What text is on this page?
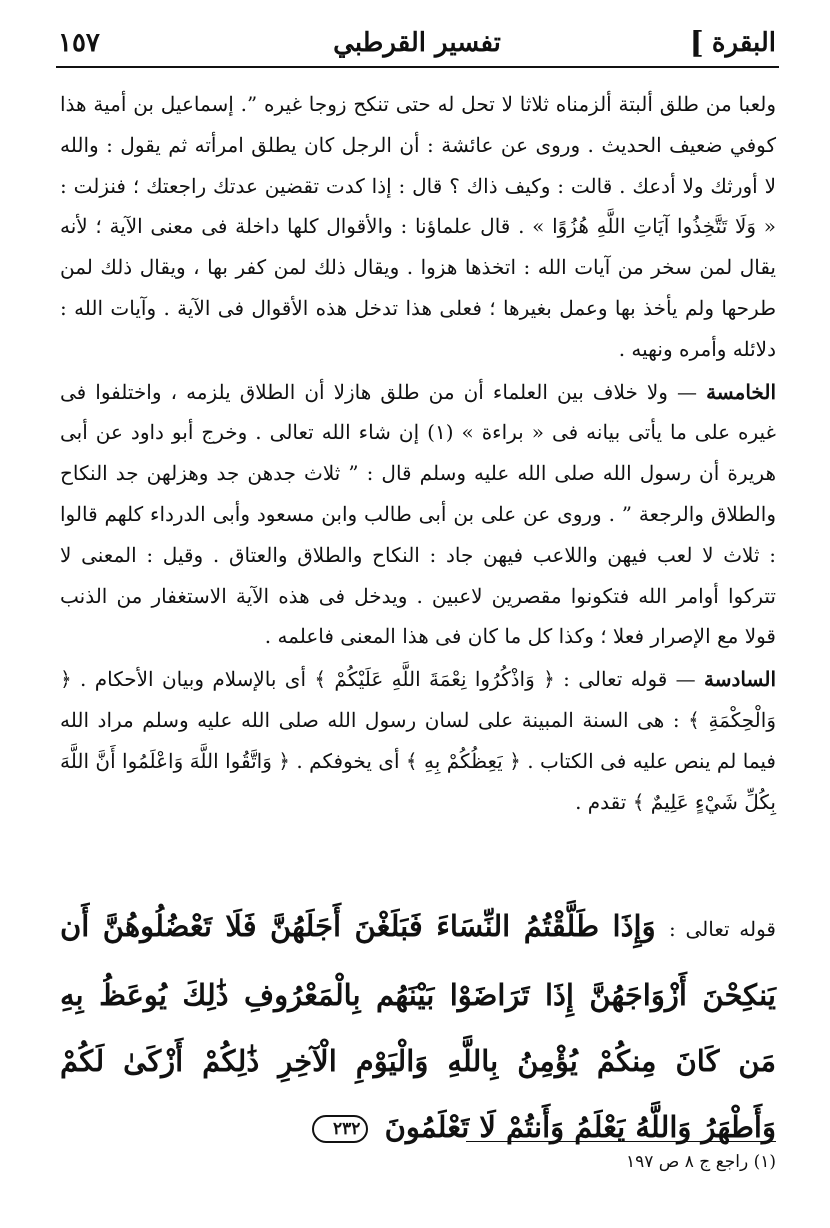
البقرة
]
تفسير القرطبي
١٥٧

ولعبا من طلق ألبتة ألزمناه ثلاثا لا تحل له حتى تنكح زوجا غيره ”. إسماعيل بن أمية هذا كوفي ضعيف الحديث . وروى عن عائشة : أن الرجل كان يطلق امرأته ثم يقول : والله لا أورثك ولا أدعك . قالت : وكيف ذاك ؟ قال : إذا كدت تقضين عدتك راجعتك ؛ فنزلت : « وَلَا تَتَّخِذُوا آيَاتِ اللَّهِ هُزُوًا » . قال علماؤنا : والأقوال كلها داخلة فى معنى الآية ؛ لأنه يقال لمن سخر من آيات الله : اتخذها هزوا . ويقال ذلك لمن كفر بها ، ويقال ذلك لمن طرحها ولم يأخذ بها وعمل بغيرها ؛ فعلى هذا تدخل هذه الأقوال فى الآية . وآيات الله : دلائله وأمره ونهيه .

الخامسة — ولا خلاف بين العلماء أن من طلق هازلا أن الطلاق يلزمه ، واختلفوا فى غيره على ما يأتى بيانه فى « براءة » (١) إن شاء الله تعالى . وخرج أبو داود عن أبى هريرة أن رسول الله صلى الله عليه وسلم قال : ” ثلاث جدهن جد وهزلهن جد النكاح والطلاق والرجعة ” . وروى عن على بن أبى طالب وابن مسعود وأبى الدرداء كلهم قالوا : ثلاث لا لعب فيهن واللاعب فيهن جاد : النكاح والطلاق والعتاق . وقيل : المعنى لا تتركوا أوامر الله فتكونوا مقصرين لاعبين . ويدخل فى هذه الآية الاستغفار من الذنب قولا مع الإصرار فعلا ؛ وكذا كل ما كان فى هذا المعنى فاعلمه .

السادسة — قوله تعالى : ﴿ وَاذْكُرُوا نِعْمَةَ اللَّهِ عَلَيْكُمْ ﴾ أى بالإسلام وبيان الأحكام . ﴿ وَالْحِكْمَةِ ﴾ : هى السنة المبينة على لسان رسول الله صلى الله عليه وسلم مراد الله فيما لم ينص عليه فى الكتاب . ﴿ يَعِظُكُمْ بِهِ ﴾ أى يخوفكم . ﴿ وَاتَّقُوا اللَّهَ وَاعْلَمُوا أَنَّ اللَّهَ بِكُلِّ شَيْءٍ عَلِيمٌ ﴾ تقدم .

قوله تعالى : وَإِذَا طَلَّقْتُمُ النِّسَاءَ فَبَلَغْنَ أَجَلَهُنَّ فَلَا تَعْضُلُوهُنَّ أَن يَنكِحْنَ أَزْوَاجَهُنَّ إِذَا تَرَاضَوْا بَيْنَهُم بِالْمَعْرُوفِ ذَٰلِكَ يُوعَظُ بِهِ مَن كَانَ مِنكُمْ يُؤْمِنُ بِاللَّهِ وَالْيَوْمِ الْآخِرِ ذَٰلِكُمْ أَزْكَىٰ لَكُمْ وَأَطْهَرُ وَاللَّهُ يَعْلَمُ وَأَنتُمْ لَا تَعْلَمُونَ ٢٣٢
(١) راجع ج ٨ ص ١٩٧
